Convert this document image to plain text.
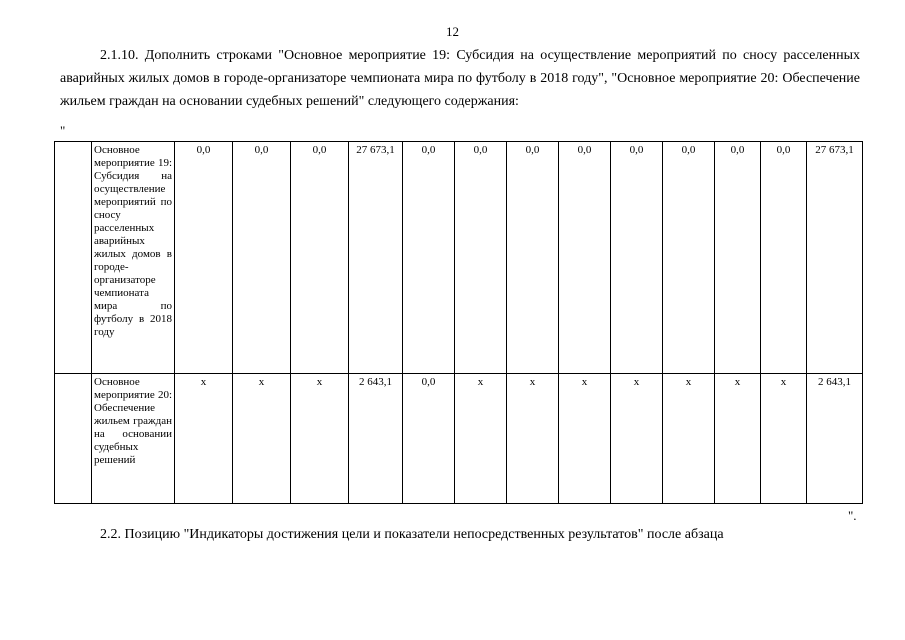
12
2.1.10. Дополнить строками "Основное мероприятие 19: Субсидия на осуществление мероприятий по сносу расселенных аварийных жилых домов в городе-организаторе чемпионата мира по футболу в 2018 году", "Основное мероприятие 20: Обеспечение жильем граждан на основании судебных решений" следующего содержания:
"
	Основное мероприятие 19: Субсидия на осуществление мероприятий по сносу расселенных аварийных жилых домов в городе-организаторе чемпионата мира по футболу в 2018 году	0,0	0,0	0,0	27 673,1	0,0	0,0	0,0	0,0	0,0	0,0	0,0	0,0	27 673,1
	Основное мероприятие 20: Обеспечение жильем граждан на основании судебных решений	x	x	x	2 643,1	0,0	x	x	x	x	x	x	x	2 643,1
".
2.2. Позицию "Индикаторы достижения цели и показатели непосредственных результатов" после абзаца
